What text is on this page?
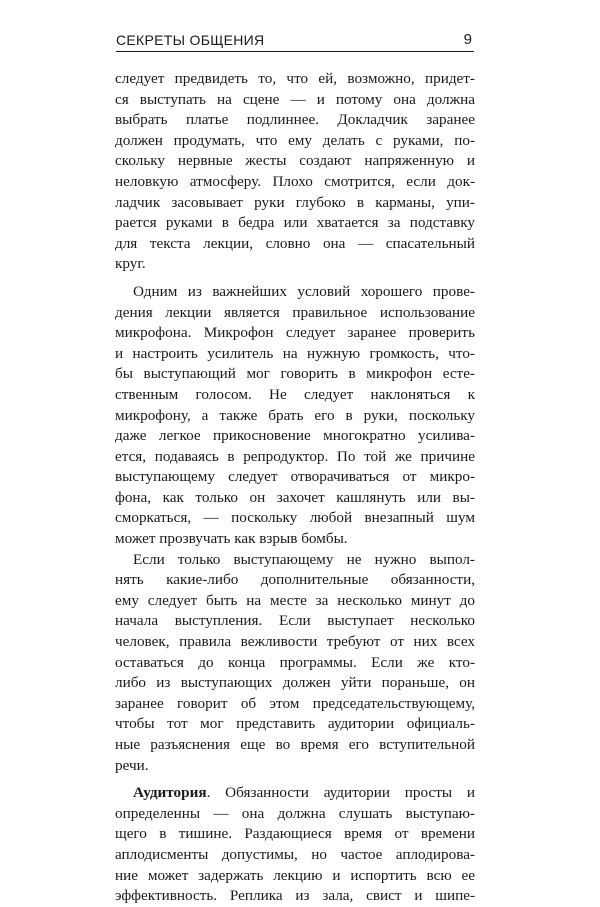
СЕКРЕТЫ ОБЩЕНИЯ	9
следует предвидеть то, что ей, возможно, придет-
ся выступать на сцене — и потому она должна
выбрать платье подлиннее. Докладчик заранее
должен продумать, что ему делать с руками, по-
скольку нервные жесты создают напряженную и
неловкую атмосферу. Плохо смотрится, если док-
ладчик засовывает руки глубоко в карманы, упи-
рается руками в бедра или хватается за подставку
для текста лекции, словно она — спасательный
круг.
Одним из важнейших условий хорошего прове-
дения лекции является правильное использование
микрофона. Микрофон следует заранее проверить
и настроить усилитель на нужную громкость, что-
бы выступающий мог говорить в микрофон есте-
ственным голосом. Не следует наклоняться к
микрофону, а также брать его в руки, поскольку
даже легкое прикосновение многократно усилива-
ется, подаваясь в репродуктор. По той же причине
выступающему следует отворачиваться от микро-
фона, как только он захочет кашлянуть или вы-
сморкаться, — поскольку любой внезапный шум
может прозвучать как взрыв бомбы.
Если только выступающему не нужно выпол-
нять какие-либо дополнительные обязанности,
ему следует быть на месте за несколько минут до
начала выступления. Если выступает несколько
человек, правила вежливости требуют от них всех
оставаться до конца программы. Если же кто-
либо из выступающих должен уйти пораньше, он
заранее говорит об этом председательствующему,
чтобы тот мог представить аудитории официаль-
ные разъяснения еще во время его вступительной
речи.
Аудитория. Обязанности аудитории просты и
определенны — она должна слушать выступаю-
щего в тишине. Раздающиеся время от времени
аплодисменты допустимы, но частое аплодирова-
ние может задержать лекцию и испортить всю ее
эффективность. Реплика из зала, свист и шипе-
